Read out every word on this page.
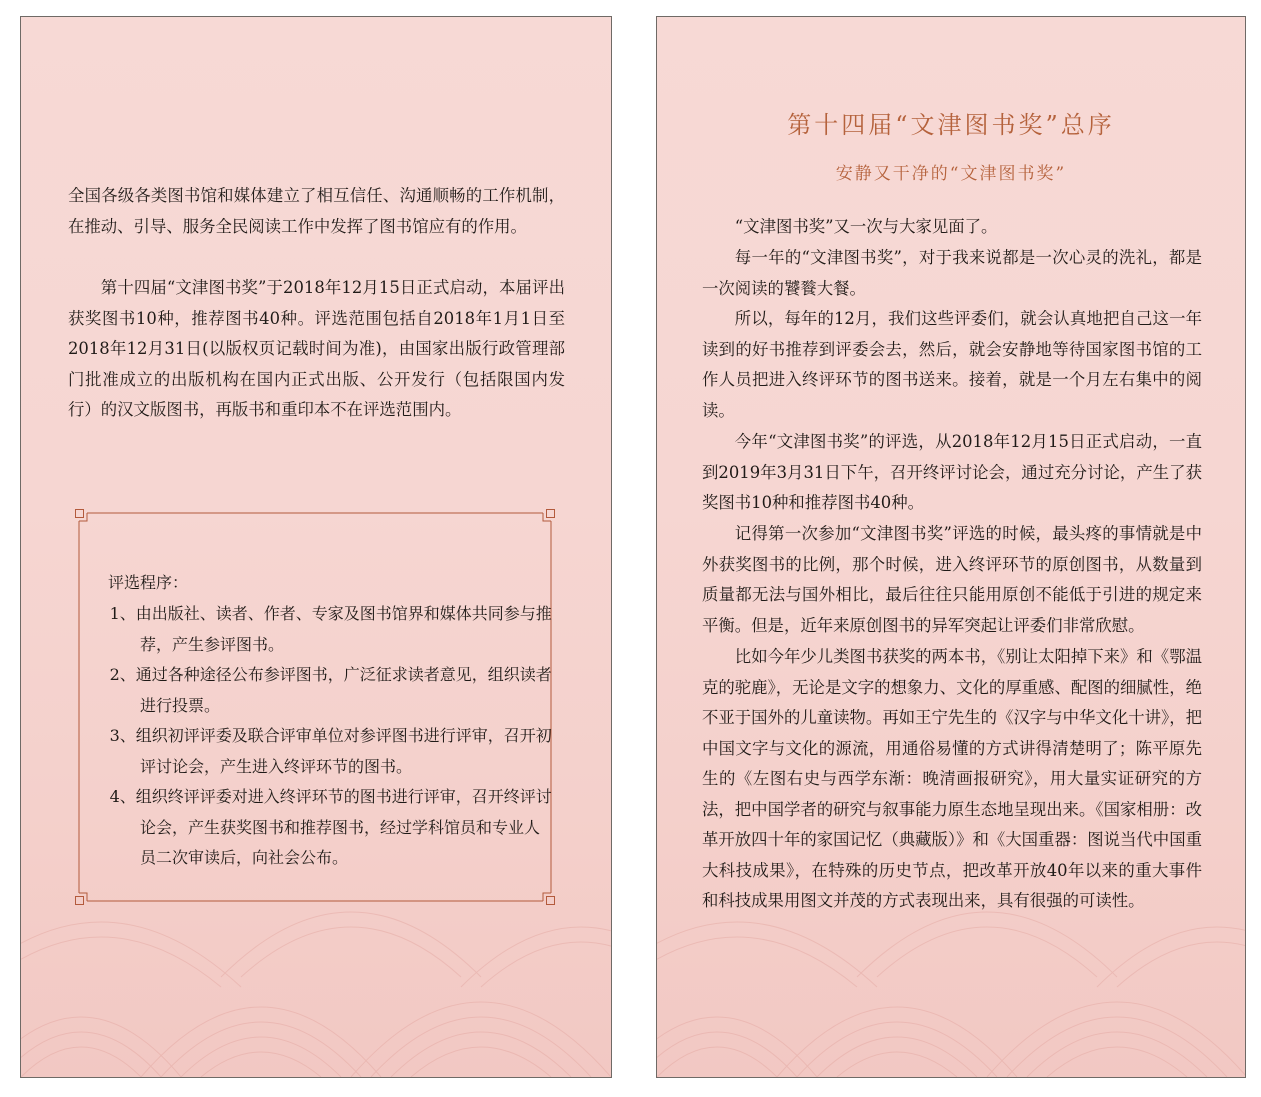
全国各级各类图书馆和媒体建立了相互信任、沟通顺畅的工作机制，在推动、引导、服务全民阅读工作中发挥了图书馆应有的作用。

第十四届“文津图书奖”于2018年12月15日正式启动，本届评出获奖图书10种，推荐图书40种。评选范围包括自2018年1月1日至2018年12月31日(以版权页记载时间为准)，由国家出版行政管理部门批准成立的出版机构在国内正式出版、公开发行（包括限国内发行）的汉文版图书，再版书和重印本不在评选范围内。

评选程序：

1、由出版社、读者、作者、专家及图书馆界和媒体共同参与推荐，产生参评图书。
2、通过各种途径公布参评图书，广泛征求读者意见，组织读者进行投票。
3、组织初评评委及联合评审单位对参评图书进行评审，召开初评讨论会，产生进入终评环节的图书。
4、组织终评评委对进入终评环节的图书进行评审，召开终评讨论会，产生获奖图书和推荐图书，经过学科馆员和专业人员二次审读后，向社会公布。
第十四届“文津图书奖”总序
安静又干净的“文津图书奖”

“文津图书奖”又一次与大家见面了。

每一年的“文津图书奖”，对于我来说都是一次心灵的洗礼，都是一次阅读的饕餮大餐。

所以，每年的12月，我们这些评委们，就会认真地把自己这一年读到的好书推荐到评委会去，然后，就会安静地等待国家图书馆的工作人员把进入终评环节的图书送来。接着，就是一个月左右集中的阅读。

今年“文津图书奖”的评选，从2018年12月15日正式启动，一直到2019年3月31日下午，召开终评讨论会，通过充分讨论，产生了获奖图书10种和推荐图书40种。

记得第一次参加“文津图书奖”评选的时候，最头疼的事情就是中外获奖图书的比例，那个时候，进入终评环节的原创图书，从数量到质量都无法与国外相比，最后往往只能用原创不能低于引进的规定来平衡。但是，近年来原创图书的异军突起让评委们非常欣慰。

比如今年少儿类图书获奖的两本书，《别让太阳掉下来》和《鄂温克的驼鹿》，无论是文字的想象力、文化的厚重感、配图的细腻性，绝不亚于国外的儿童读物。再如王宁先生的《汉字与中华文化十讲》，把中国文字与文化的源流，用通俗易懂的方式讲得清楚明了；陈平原先生的《左图右史与西学东渐：晚清画报研究》，用大量实证研究的方法，把中国学者的研究与叙事能力原生态地呈现出来。《国家相册：改革开放四十年的家国记忆（典藏版）》和《大国重器：图说当代中国重大科技成果》，在特殊的历史节点，把改革开放40年以来的重大事件和科技成果用图文并茂的方式表现出来，具有很强的可读性。
